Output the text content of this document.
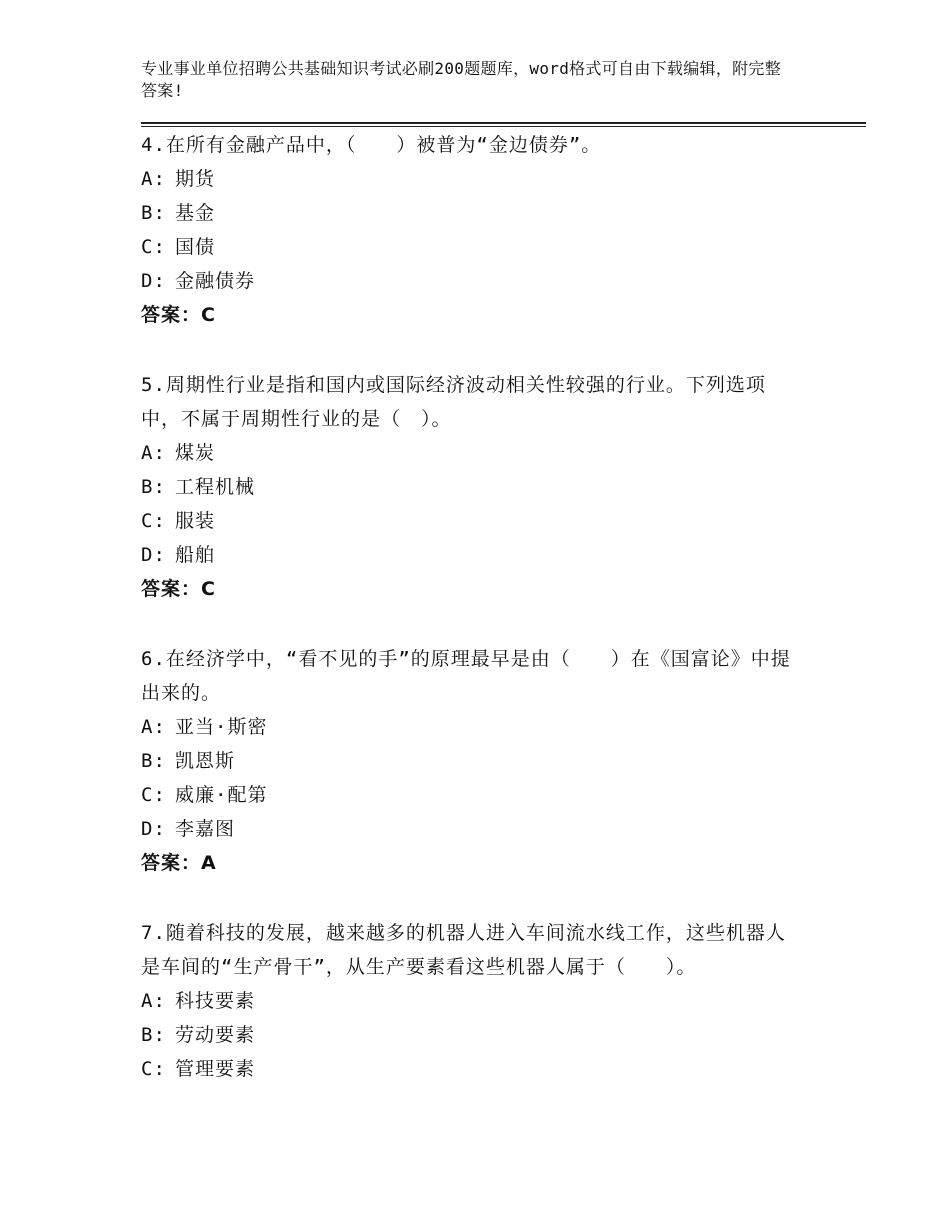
专业事业单位招聘公共基础知识考试必刷200题题库，word格式可自由下载编辑，附完整答案!

4.在所有金融产品中，（　　）被普为“金边债券”。

A: 期货

B: 基金

C: 国债

D: 金融债券

答案：C

5.周期性行业是指和国内或国际经济波动相关性较强的行业。下列选项中，不属于周期性行业的是（　）。

A: 煤炭

B: 工程机械

C: 服装

D: 船舶

答案：C

6.在经济学中，“看不见的手”的原理最早是由（　　）在《国富论》中提出来的。

A: 亚当·斯密

B: 凯恩斯

C: 威廉·配第

D: 李嘉图

答案：A

7.随着科技的发展，越来越多的机器人进入车间流水线工作，这些机器人是车间的“生产骨干”，从生产要素看这些机器人属于（　　）。

A: 科技要素

B: 劳动要素

C: 管理要素
